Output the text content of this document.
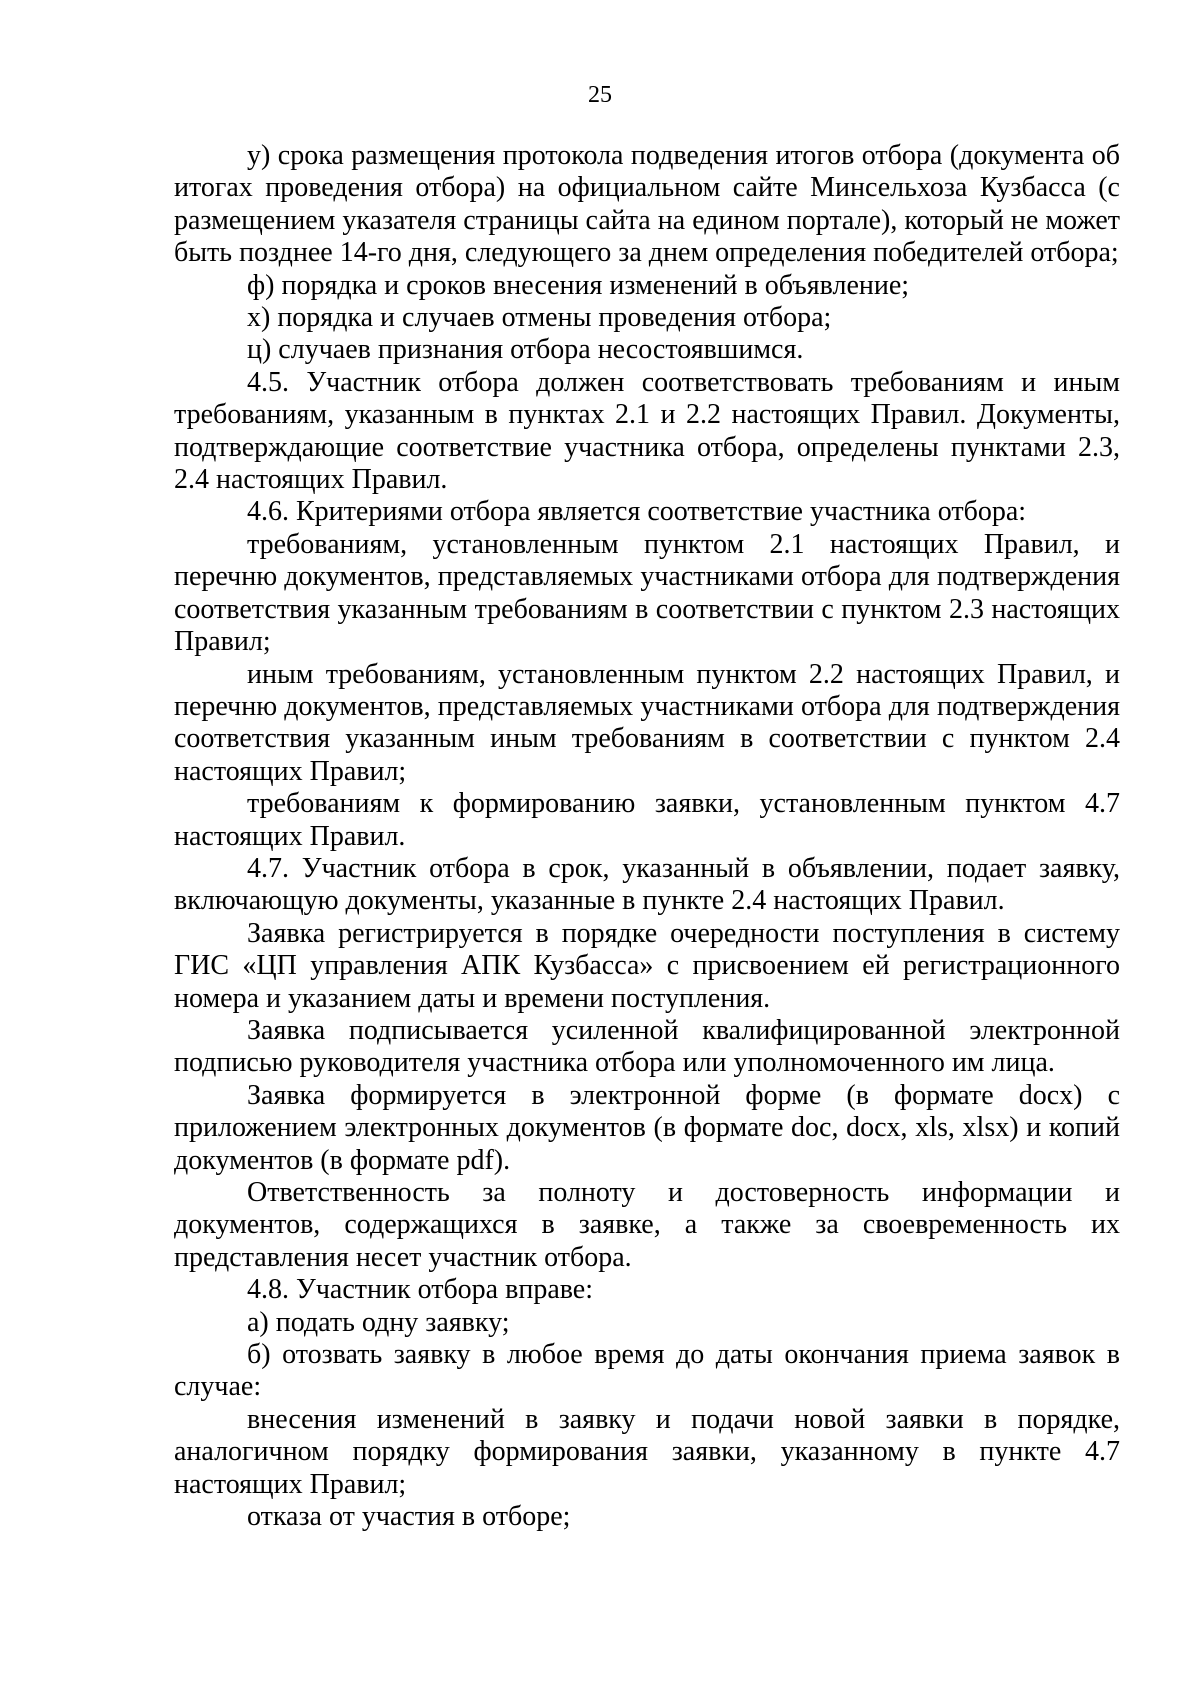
25

у) срока размещения протокола подведения итогов отбора (документа об итогах проведения отбора) на официальном сайте Минсельхоза Кузбасса (с размещением указателя страницы сайта на едином портале), который не может быть позднее 14-го дня, следующего за днем определения победителей отбора;

ф) порядка и сроков внесения изменений в объявление;

х) порядка и случаев отмены проведения отбора;

ц) случаев признания отбора несостоявшимся.

4.5. Участник отбора должен соответствовать требованиям и иным требованиям, указанным в пунктах 2.1 и 2.2 настоящих Правил. Документы, подтверждающие соответствие участника отбора, определены пунктами 2.3, 2.4 настоящих Правил.

4.6. Критериями отбора является соответствие участника отбора:

требованиям, установленным пунктом 2.1 настоящих Правил, и перечню документов, представляемых участниками отбора для подтверждения соответствия указанным требованиям в соответствии с пунктом 2.3 настоящих Правил;

иным требованиям, установленным пунктом 2.2 настоящих Правил, и перечню документов, представляемых участниками отбора для подтверждения соответствия указанным иным требованиям в соответствии с пунктом 2.4 настоящих Правил;

требованиям к формированию заявки, установленным пунктом 4.7 настоящих Правил.

4.7. Участник отбора в срок, указанный в объявлении, подает заявку, включающую документы, указанные в пункте 2.4 настоящих Правил.

Заявка регистрируется в порядке очередности поступления в систему ГИС «ЦП управления АПК Кузбасса» с присвоением ей регистрационного номера и указанием даты и времени поступления.

Заявка подписывается усиленной квалифицированной электронной подписью руководителя участника отбора или уполномоченного им лица.

Заявка формируется в электронной форме (в формате docx) с приложением электронных документов (в формате doc, docx, xls, xlsx) и копий документов (в формате pdf).

Ответственность за полноту и достоверность информации и документов, содержащихся в заявке, а также за своевременность их представления несет участник отбора.

4.8. Участник отбора вправе:

а) подать одну заявку;

б) отозвать заявку в любое время до даты окончания приема заявок в случае:

внесения изменений в заявку и подачи новой заявки в порядке, аналогичном порядку формирования заявки, указанному в пункте 4.7 настоящих Правил;

отказа от участия в отборе;
